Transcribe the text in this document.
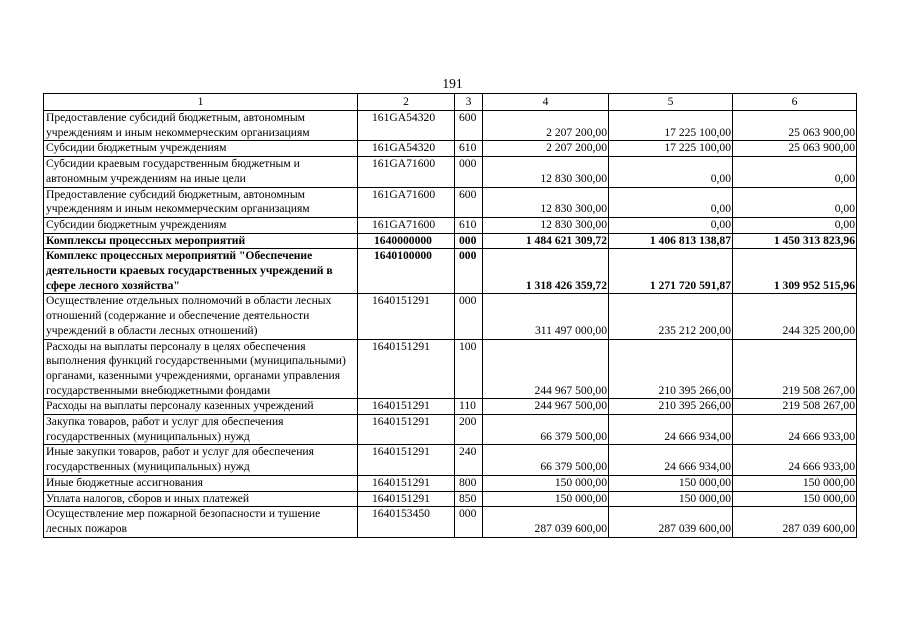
191
1	2	3	4	5	6
Предоставление субсидий бюджетным, автономным учреждениям и иным некоммерческим организациям	161GA54320	600	2 207 200,00	17 225 100,00	25 063 900,00
Субсидии бюджетным учреждениям	161GA54320	610	2 207 200,00	17 225 100,00	25 063 900,00
Субсидии краевым государственным бюджетным и автономным учреждениям на иные цели	161GA71600	000	12 830 300,00	0,00	0,00
Предоставление субсидий бюджетным, автономным учреждениям и иным некоммерческим организациям	161GA71600	600	12 830 300,00	0,00	0,00
Субсидии бюджетным учреждениям	161GA71600	610	12 830 300,00	0,00	0,00
Комплексы процессных мероприятий	1640000000	000	1 484 621 309,72	1 406 813 138,87	1 450 313 823,96
Комплекс процессных мероприятий "Обеспечение деятельности краевых государственных учреждений в сфере лесного хозяйства"	1640100000	000	1 318 426 359,72	1 271 720 591,87	1 309 952 515,96
Осуществление отдельных полномочий в области лесных отношений (содержание и обеспечение деятельности учреждений в области лесных отношений)	1640151291	000	311 497 000,00	235 212 200,00	244 325 200,00
Расходы на выплаты персоналу в целях обеспечения выполнения функций государственными (муниципальными) органами, казенными учреждениями, органами управления государственными внебюджетными фондами	1640151291	100	244 967 500,00	210 395 266,00	219 508 267,00
Расходы на выплаты персоналу казенных учреждений	1640151291	110	244 967 500,00	210 395 266,00	219 508 267,00
Закупка товаров, работ и услуг для обеспечения государственных (муниципальных) нужд	1640151291	200	66 379 500,00	24 666 934,00	24 666 933,00
Иные закупки товаров, работ и услуг для обеспечения государственных (муниципальных) нужд	1640151291	240	66 379 500,00	24 666 934,00	24 666 933,00
Иные бюджетные ассигнования	1640151291	800	150 000,00	150 000,00	150 000,00
Уплата налогов, сборов и иных платежей	1640151291	850	150 000,00	150 000,00	150 000,00
Осуществление мер пожарной безопасности и тушение лесных пожаров	1640153450	000	287 039 600,00	287 039 600,00	287 039 600,00
